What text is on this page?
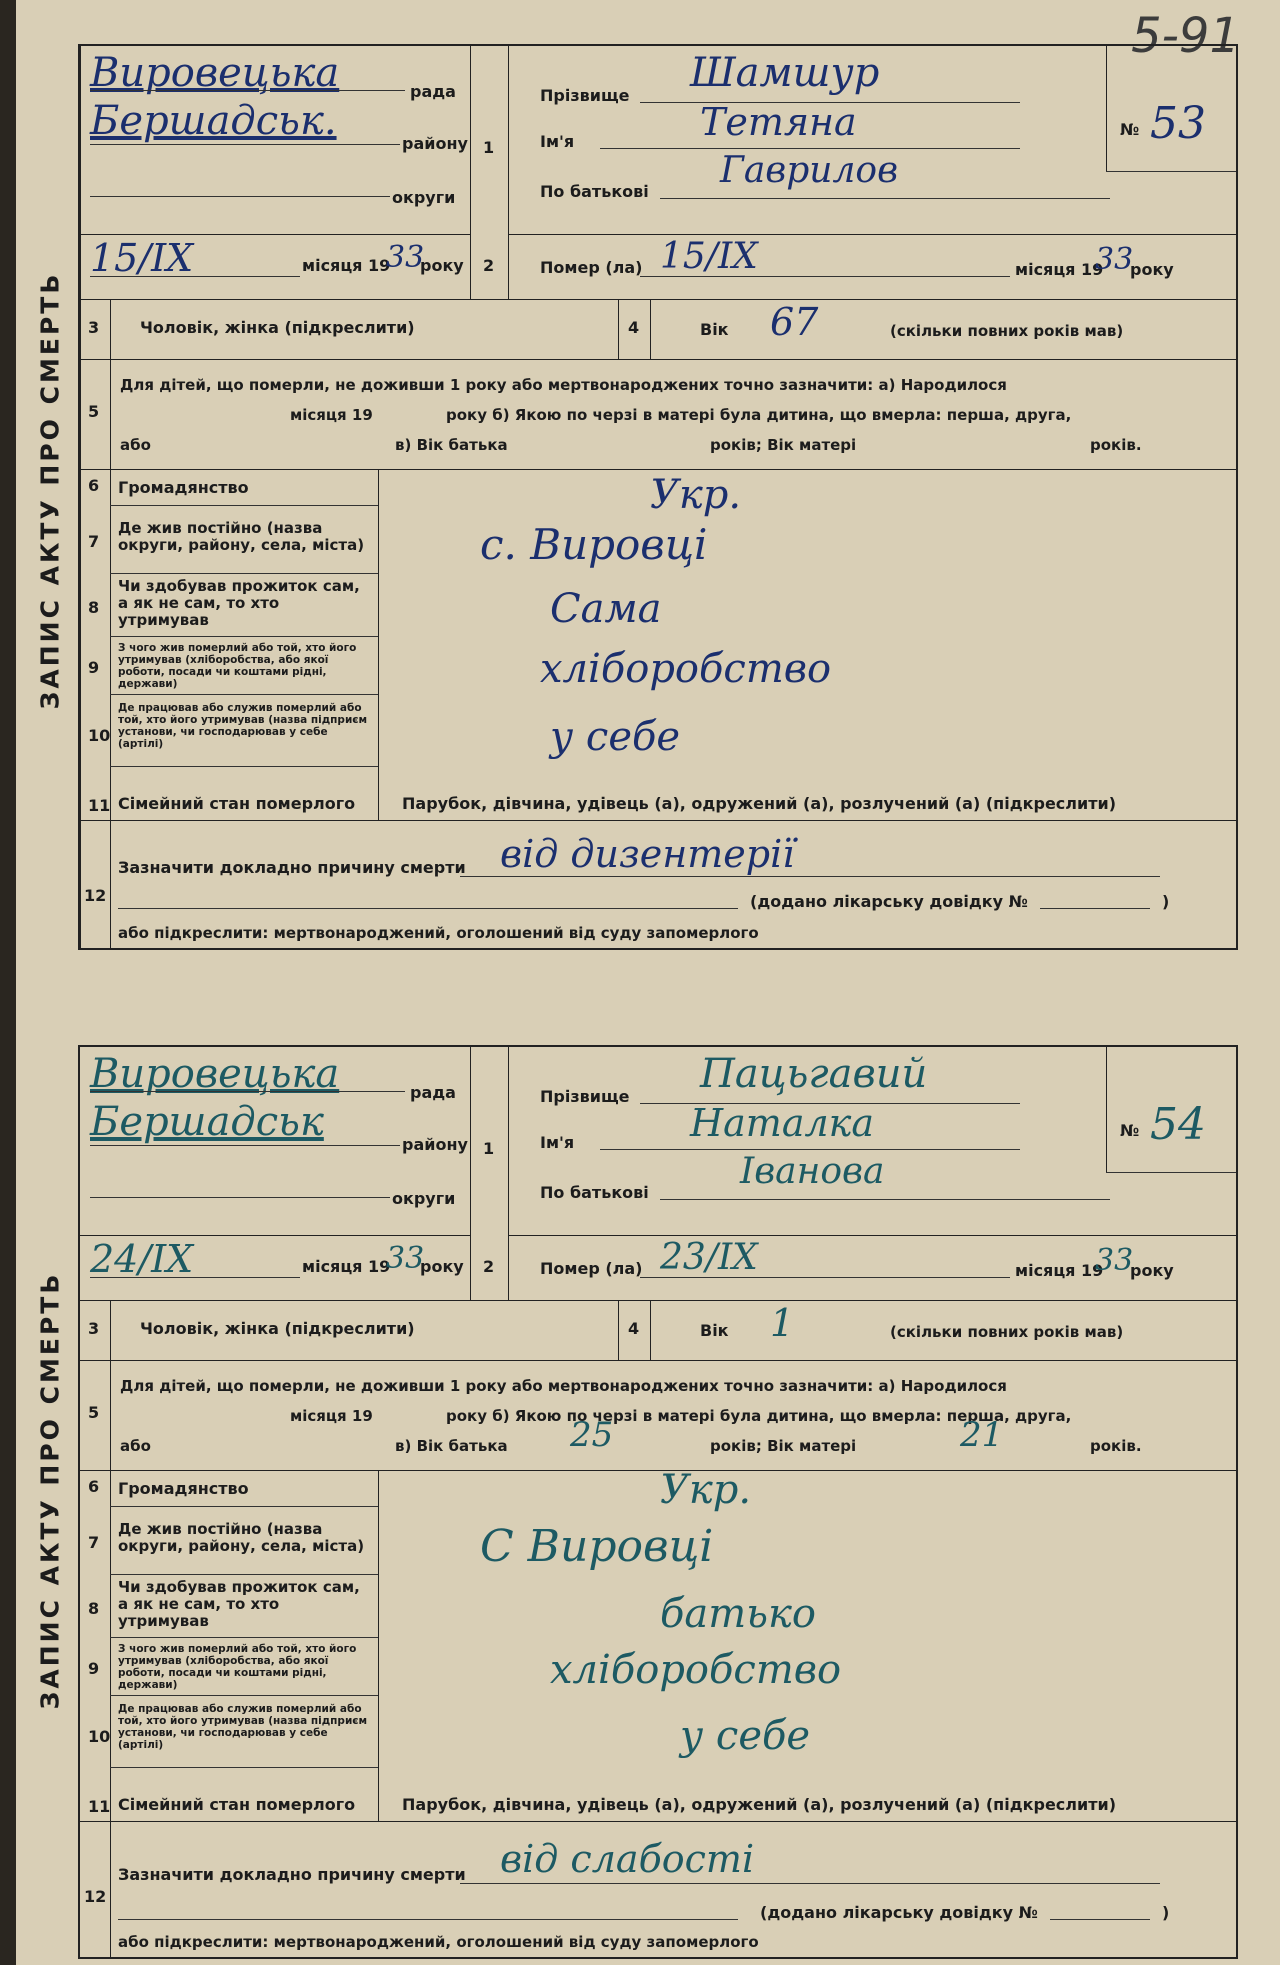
5-91
ЗАПИС АКТУ ПРО СМЕРТЬ
Вировецька	рада
Бершадськ.	району
округи
1
Прізвище Шамшур
Ім'я	Тетяна
По батькові
Гаврилов
№ 53
15/IX	місяця 19
33
року 2	Помер (ла) 15/IX	місяця 19
33
року
3	Чоловік, жінка (підкреслити)	4	Вік 67	(скільки повних років мав)
5
Для дітей, що померли, не доживши 1 року або мертвонароджених точно зазначити: а) Народилося
місяця 19	року б) Якою по черзі в матері була дитина, що вмерла: перша, друга,
або	в) Вік батька	років; Вік матері	років.
6 Громадянство	Укр.
7
Де жив постійно (назва округи, району, села, міста)	с. Вировці
8
Чи здобував прожиток сам, а як не сам, то хто утримував	Сама
9
З чого жив померлий або той, хто його утримував (хліборобства, або якої роботи, посади чи коштами рідні, держави)	хліборобство
10
Де працював або служив померлий або той, хто його утримував (назва підприєм установи, чи господарював у себе (артілі)	у себе
11 Сімейний стан померлого	Парубок, дівчина, удівець (а), одружений (а), розлучений (а) (підкреслити)
12
Зазначити докладно причину смерти від дизентерії
(додано лікарську довідку №	)
або підкреслити: мертвонароджений, оголошений від суду запомерлого
ЗАПИС АКТУ ПРО СМЕРТЬ
Вировецька	рада
Бершадськ	району
округи
1
Прізвище Пацьгавий
Ім'я	Наталка
По батькові
Іванова
№ 54
24/IX	місяця 19
33
року 2	Помер (ла) 23/IX	місяця 19
33
року
3	Чоловік, жінка (підкреслити)	4	Вік 1	(скільки повних років мав)
5
Для дітей, що померли, не доживши 1 року або мертвонароджених точно зазначити: а) Народилося
місяця 19	року б) Якою по черзі в матері була дитина, що вмерла: перша, друга,
або	в) Вік батька 25	років; Вік матері	21	років.
6 Громадянство	Укр.
7
Де жив постійно (назва округи, району, села, міста)	С Вировці
8
Чи здобував прожиток сам, а як не сам, то хто утримував	батько
9
З чого жив померлий або той, хто його утримував (хліборобства, або якої роботи, посади чи коштами рідні, держави)	хліборобство
10
Де працював або служив померлий або той, хто його утримував (назва підприєм установи, чи господарював у себе (артілі)	у себе
11 Сімейний стан померлого	Парубок, дівчина, удівець (а), одружений (а), розлучений (а) (підкреслити)
12
Зазначити докладно причину смерти від слабості
(додано лікарську довідку №	)
або підкреслити: мертвонароджений, оголошений від суду запомерлого
